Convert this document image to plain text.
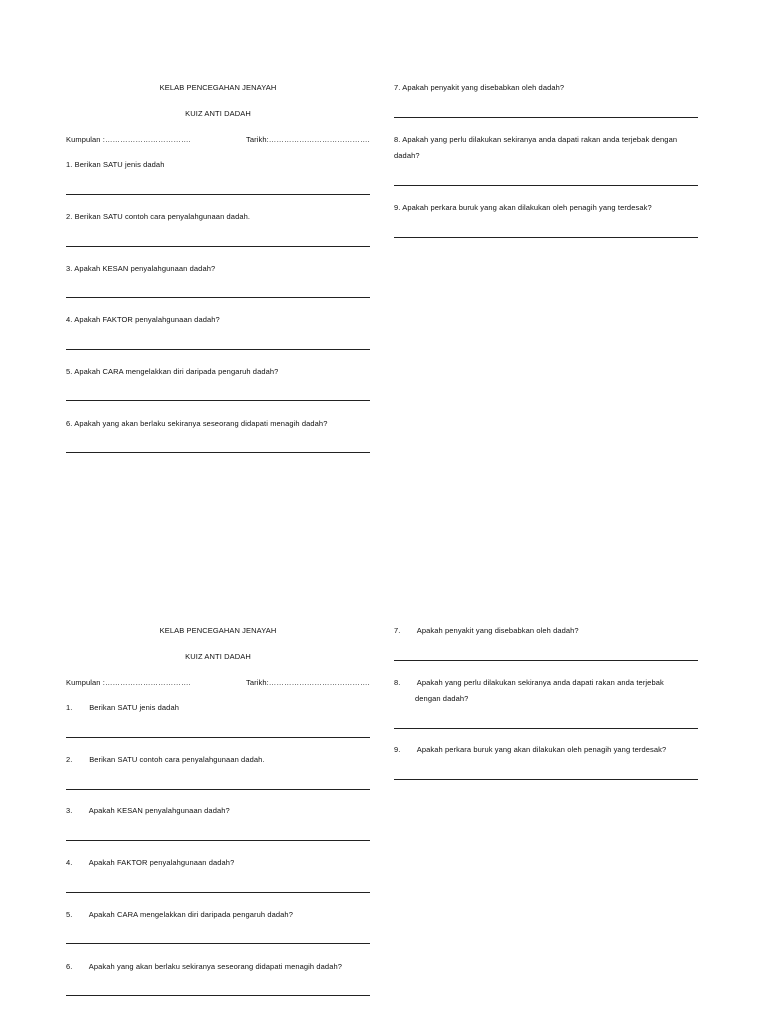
KELAB PENCEGAHAN JENAYAH
KUIZ ANTI DADAH
Kumpulan :…………………………….	Tarikh:………………………………….
1. Berikan SATU jenis dadah
2. Berikan SATU contoh cara penyalahgunaan dadah.
3. Apakah KESAN penyalahgunaan dadah?
4. Apakah FAKTOR penyalahgunaan dadah?
5. Apakah CARA mengelakkan diri daripada pengaruh dadah?
6. Apakah yang akan berlaku sekiranya seseorang didapati menagih dadah?
7. Apakah penyakit yang disebabkan oleh dadah?
8. Apakah yang perlu dilakukan sekiranya anda dapati rakan anda terjebak dengan
dadah?
9. Apakah perkara buruk yang akan dilakukan oleh penagih yang terdesak?
KELAB PENCEGAHAN JENAYAH
KUIZ ANTI DADAH
Kumpulan :…………………………….	Tarikh:………………………………….
1. Berikan SATU jenis dadah
2. Berikan SATU contoh cara penyalahgunaan dadah.
3. Apakah KESAN penyalahgunaan dadah?
4. Apakah FAKTOR penyalahgunaan dadah?
5. Apakah CARA mengelakkan diri daripada pengaruh dadah?
6. Apakah yang akan berlaku sekiranya seseorang didapati menagih dadah?
7. Apakah penyakit yang disebabkan oleh dadah?
8. Apakah yang perlu dilakukan sekiranya anda dapati rakan anda terjebak
dengan dadah?
9. Apakah perkara buruk yang akan dilakukan oleh penagih yang terdesak?
